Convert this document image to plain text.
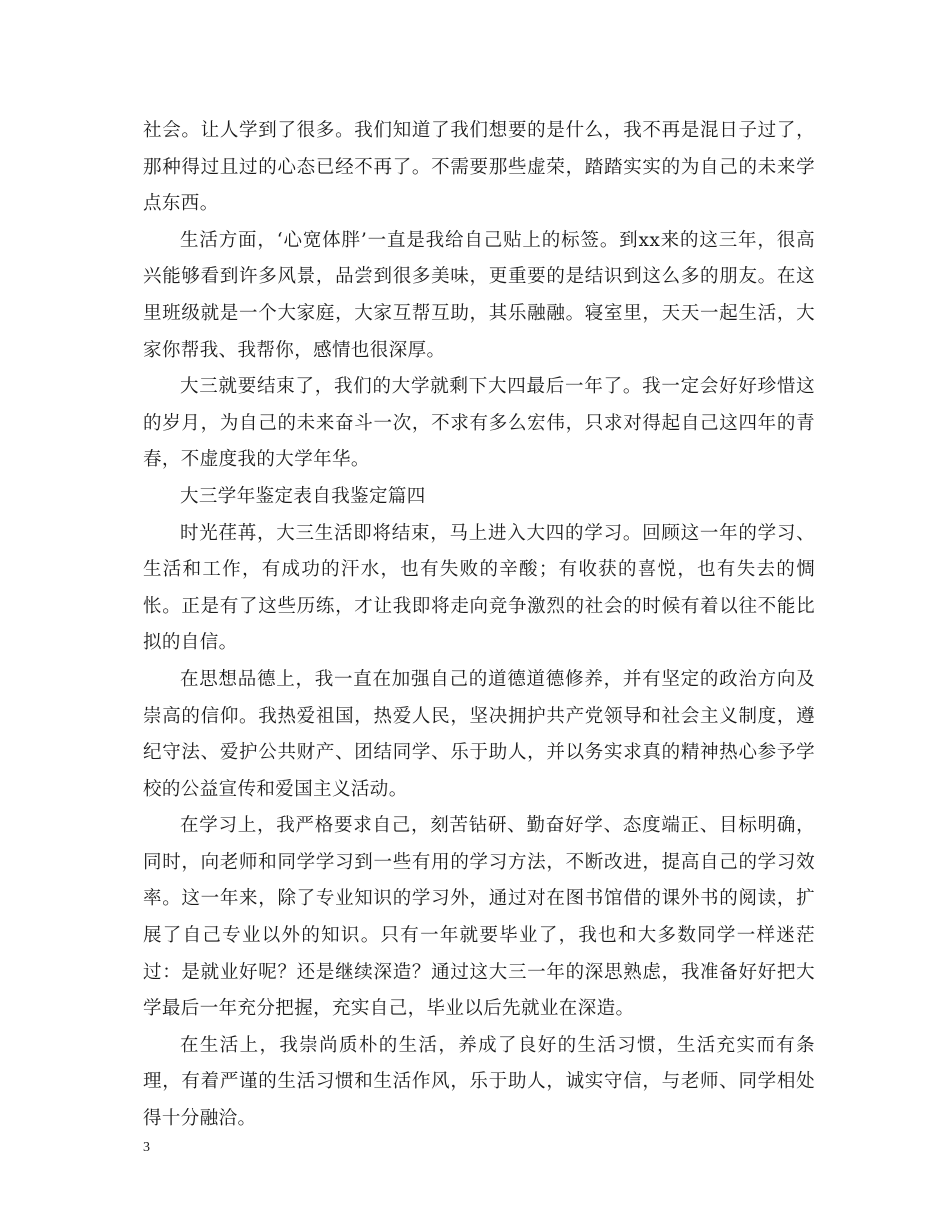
社会。让人学到了很多。我们知道了我们想要的是什么，我不再是混日子过了，那种得过且过的心态已经不再了。不需要那些虚荣，踏踏实实的为自己的未来学点东西。

生活方面，‘心宽体胖’一直是我给自己贴上的标签。到xx来的这三年，很高兴能够看到许多风景，品尝到很多美味，更重要的是结识到这么多的朋友。在这里班级就是一个大家庭，大家互帮互助，其乐融融。寝室里，天天一起生活，大家你帮我、我帮你，感情也很深厚。

大三就要结束了，我们的大学就剩下大四最后一年了。我一定会好好珍惜这的岁月，为自己的未来奋斗一次，不求有多么宏伟，只求对得起自己这四年的青春，不虚度我的大学年华。

大三学年鉴定表自我鉴定篇四

时光荏苒，大三生活即将结束，马上进入大四的学习。回顾这一年的学习、生活和工作，有成功的汗水，也有失败的辛酸；有收获的喜悦，也有失去的惆怅。正是有了这些历练，才让我即将走向竞争激烈的社会的时候有着以往不能比拟的自信。

在思想品德上，我一直在加强自己的道德道德修养，并有坚定的政治方向及崇高的信仰。我热爱祖国，热爱人民，坚决拥护共产党领导和社会主义制度，遵纪守法、爱护公共财产、团结同学、乐于助人，并以务实求真的精神热心参予学校的公益宣传和爱国主义活动。

在学习上，我严格要求自己，刻苦钻研、勤奋好学、态度端正、目标明确，同时，向老师和同学学习到一些有用的学习方法，不断改进，提高自己的学习效率。这一年来，除了专业知识的学习外，通过对在图书馆借的课外书的阅读，扩展了自己专业以外的知识。只有一年就要毕业了，我也和大多数同学一样迷茫过：是就业好呢？还是继续深造？通过这大三一年的深思熟虑，我准备好好把大学最后一年充分把握，充实自己，毕业以后先就业在深造。

在生活上，我崇尚质朴的生活，养成了良好的生活习惯，生活充实而有条理，有着严谨的生活习惯和生活作风，乐于助人，诚实守信，与老师、同学相处得十分融洽。

3
